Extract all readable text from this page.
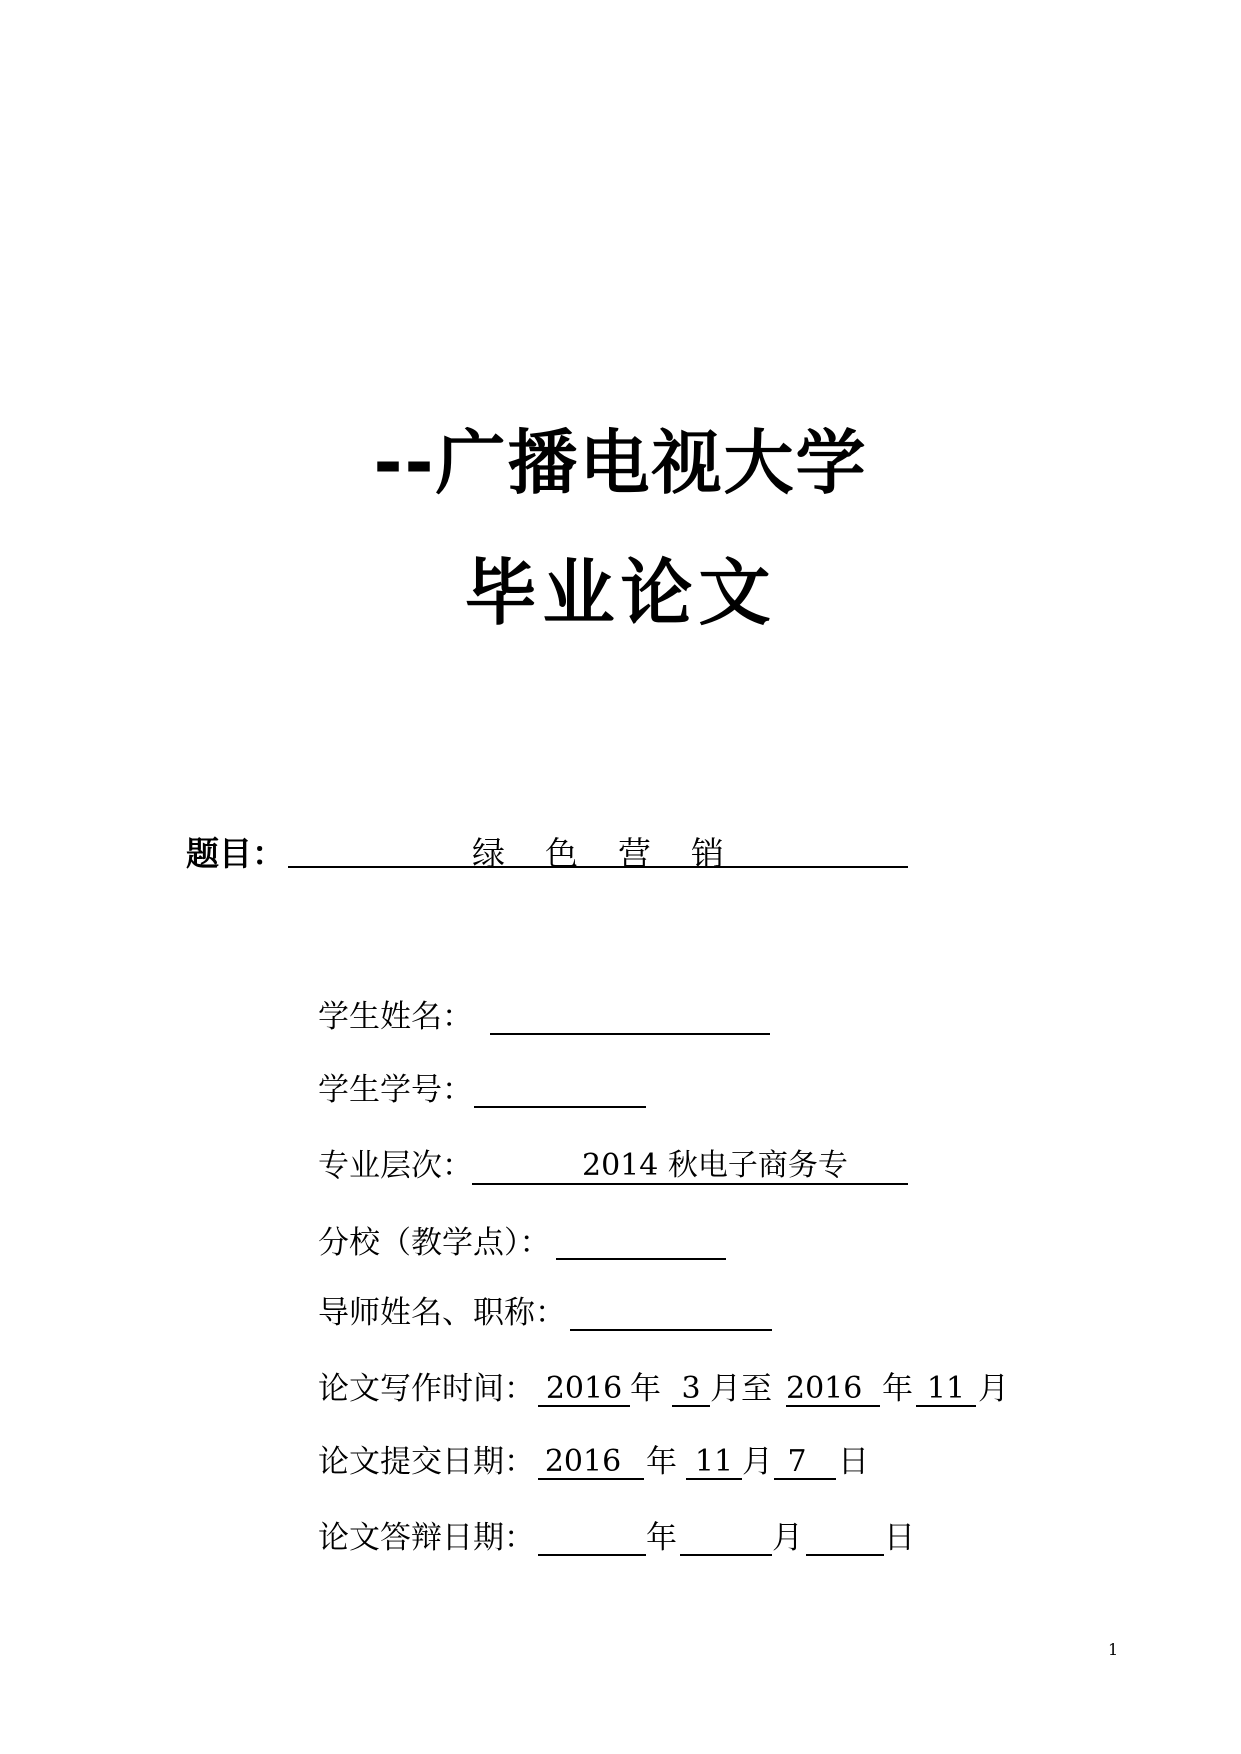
--广播电视大学
毕业论文
题目：	绿 色 营 销
学生姓名：
学生学号：
专业层次：	2014 秋电子商务专
分校（教学点）：
导师姓名、职称：
论文写作时间： 2016 年 3 月至 2016 年 11 月
论文提交日期： 2016 年 11 月 7	日
论文答辩日期：	年	月	日
1
